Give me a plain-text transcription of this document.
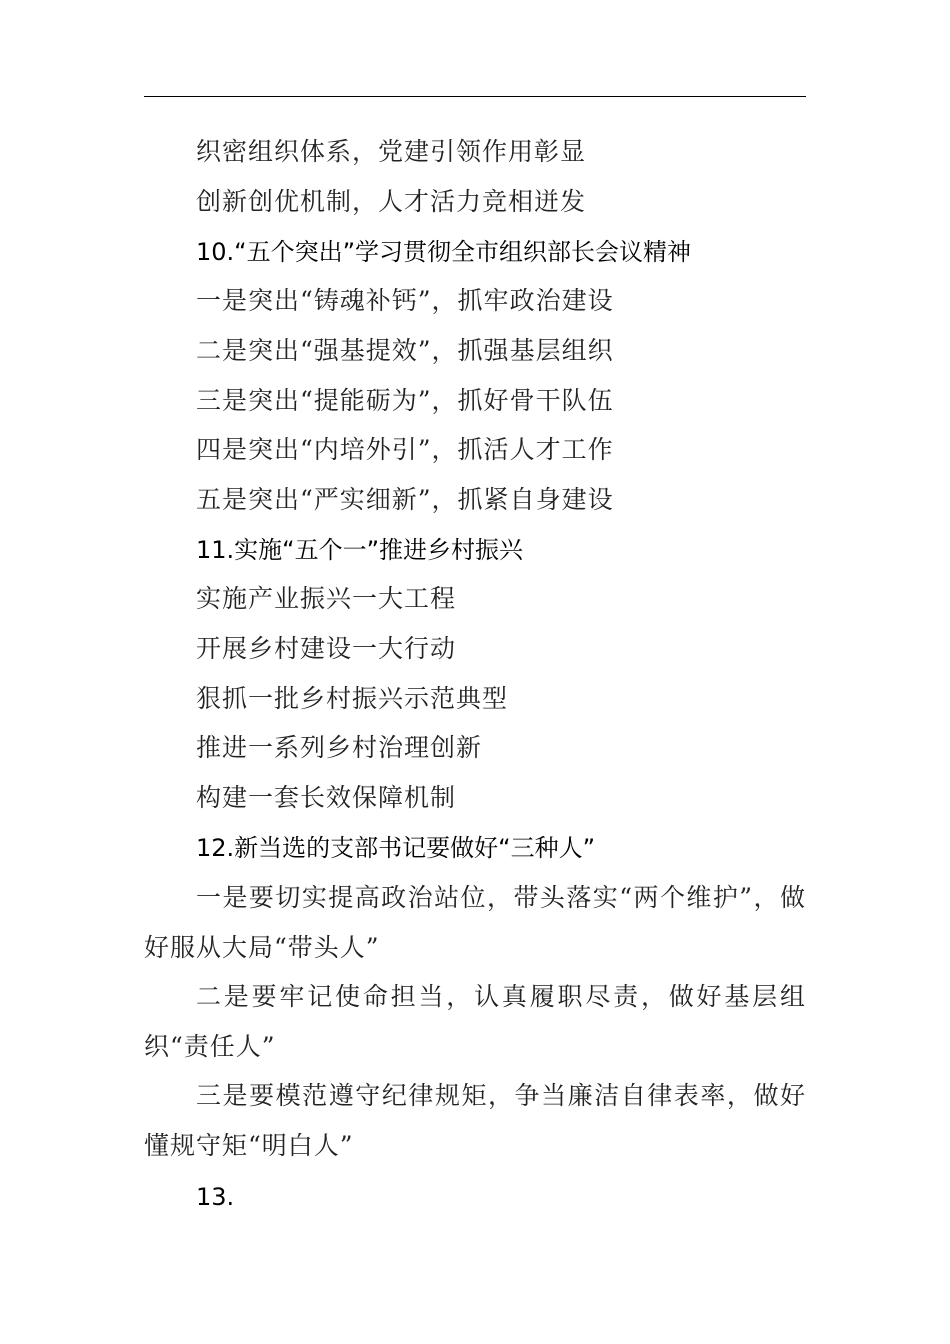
织密组织体系，党建引领作用彰显
创新创优机制，人才活力竞相迸发
10.“五个突出”学习贯彻全市组织部长会议精神
一是突出“铸魂补钙”，抓牢政治建设
二是突出“强基提效”，抓强基层组织
三是突出“提能砺为”，抓好骨干队伍
四是突出“内培外引”，抓活人才工作
五是突出“严实细新”，抓紧自身建设
11.实施“五个一”推进乡村振兴
实施产业振兴一大工程
开展乡村建设一大行动
狠抓一批乡村振兴示范典型
推进一系列乡村治理创新
构建一套长效保障机制
12.新当选的支部书记要做好“三种人”
一是要切实提高政治站位，带头落实“两个维护”，做好服从大局“带头人”
二是要牢记使命担当，认真履职尽责，做好基层组织“责任人”
三是要模范遵守纪律规矩，争当廉洁自律表率，做好懂规守矩“明白人”
13.
